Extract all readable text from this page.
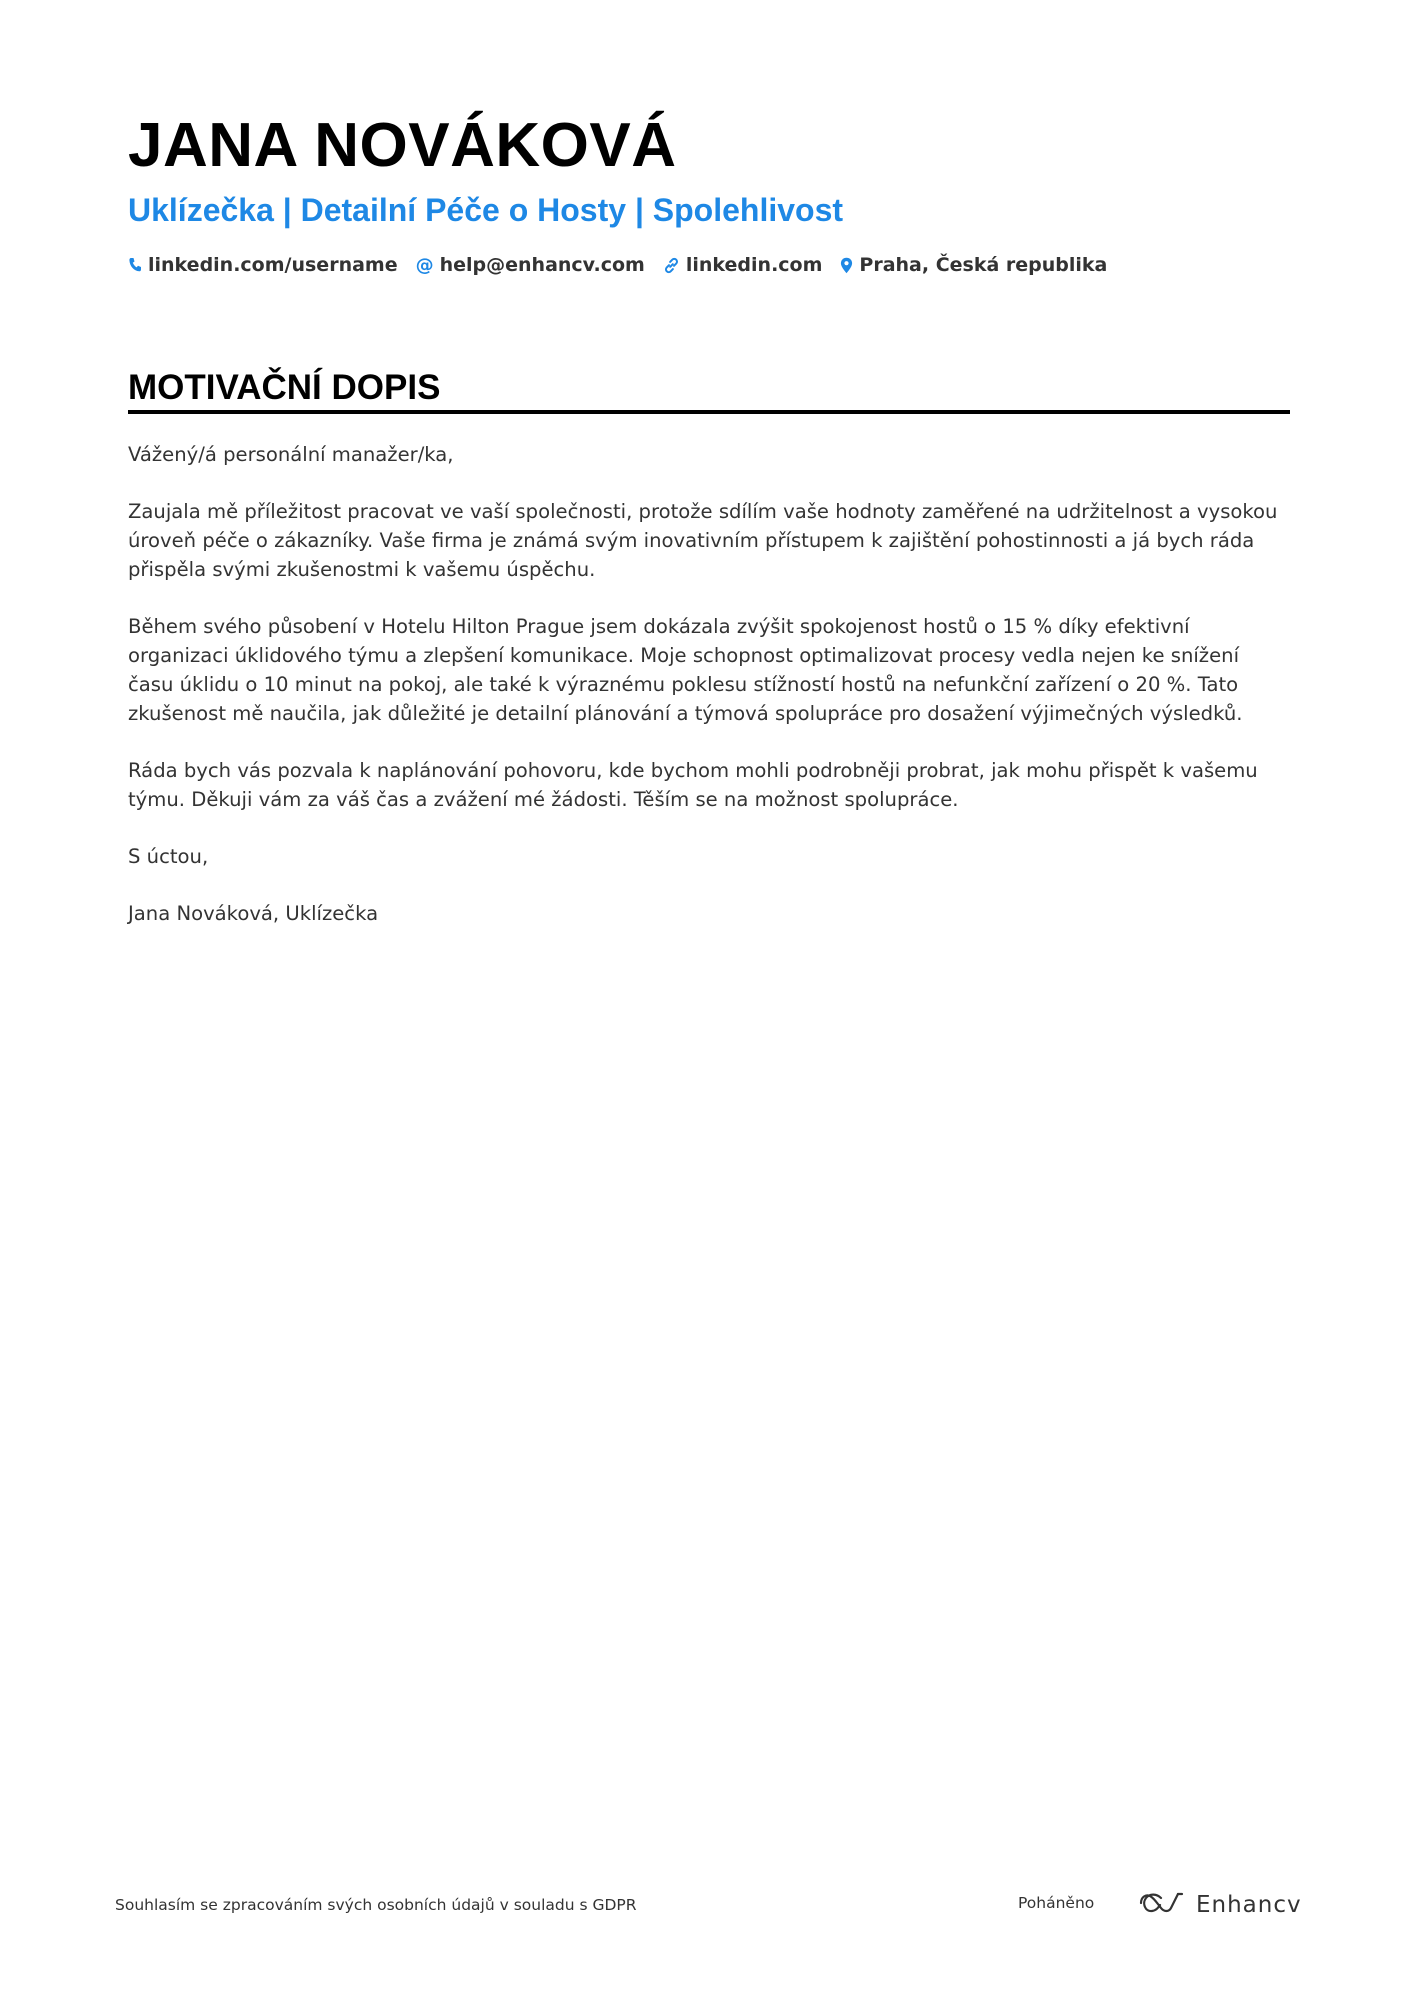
JANA NOVÁKOVÁ
Uklízečka | Detailní Péče o Hosty | Spolehlivost
linkedin.com/username @ help@enhancv.com linkedin.com Praha, Česká republika
MOTIVAČNÍ DOPIS

Vážený/á personální manažer/ka,

Zaujala mě příležitost pracovat ve vaší společnosti, protože sdílím vaše hodnoty zaměřené na udržitelnost a vysokou úroveň péče o zákazníky. Vaše firma je známá svým inovativním přístupem k zajištění pohostinnosti a já bych ráda přispěla svými zkušenostmi k vašemu úspěchu.

Během svého působení v Hotelu Hilton Prague jsem dokázala zvýšit spokojenost hostů o 15 % díky efektivní organizaci úklidového týmu a zlepšení komunikace. Moje schopnost optimalizovat procesy vedla nejen ke snížení času úklidu o 10 minut na pokoj, ale také k výraznému poklesu stížností hostů na nefunkční zařízení o 20 %. Tato zkušenost mě naučila, jak důležité je detailní plánování a týmová spolupráce pro dosažení výjimečných výsledků.

Ráda bych vás pozvala k naplánování pohovoru, kde bychom mohli podrobněji probrat, jak mohu přispět k vašemu týmu. Děkuji vám za váš čas a zvážení mé žádosti. Těším se na možnost spolupráce.

S úctou,

Jana Nováková, Uklízečka

Souhlasím se zpracováním svých osobních údajů v souladu s GDPR	Poháněno	Enhancv
